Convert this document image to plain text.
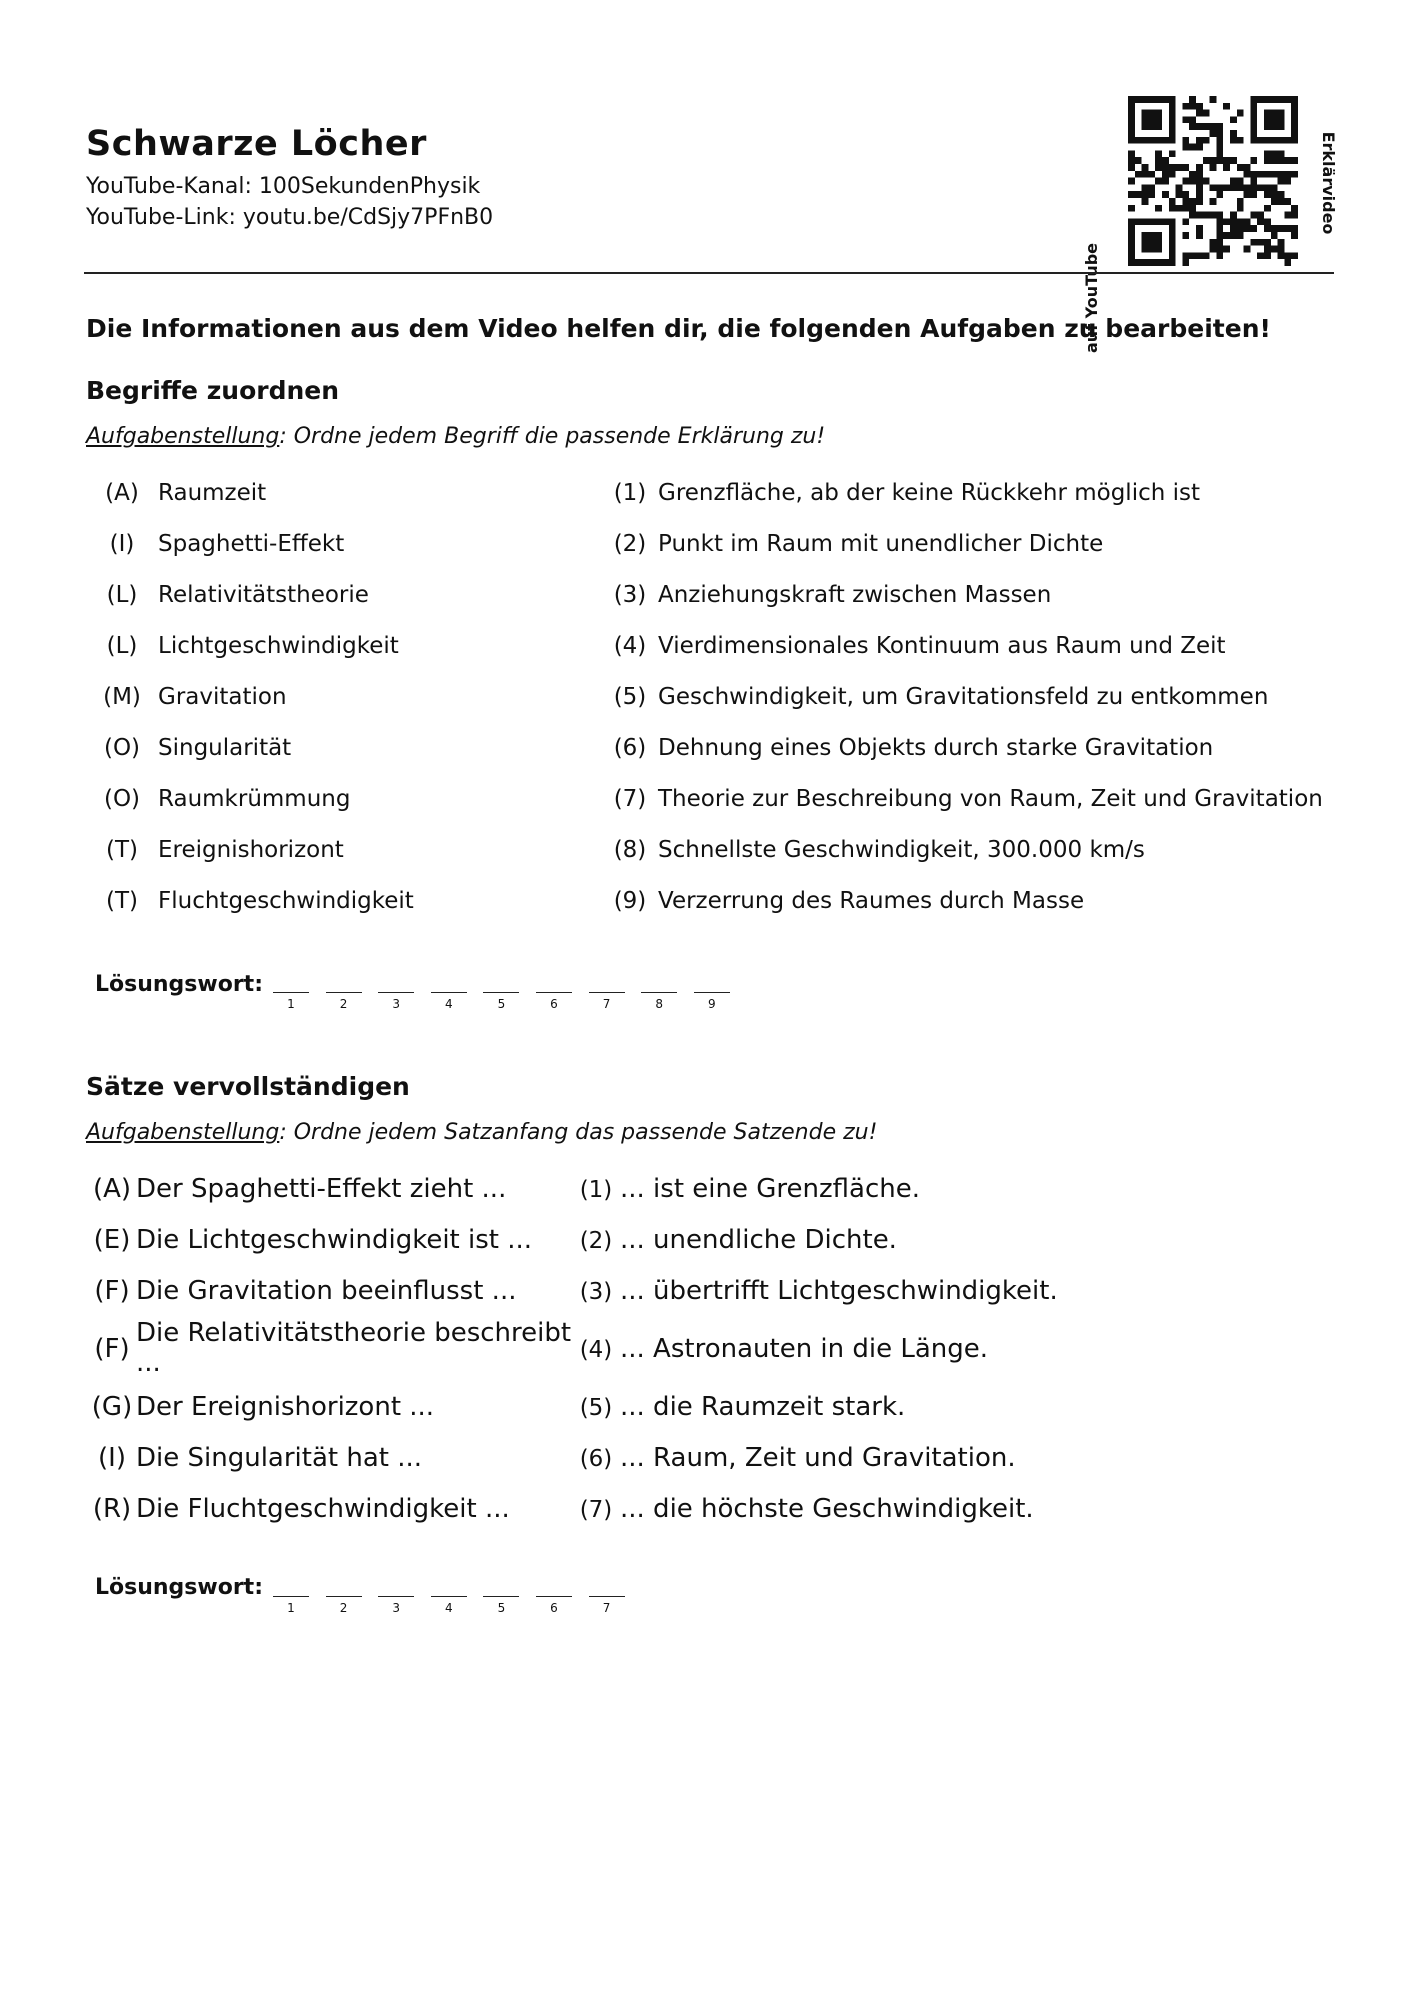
Schwarze Löcher
YouTube-Kanal: 100SekundenPhysik
YouTube-Link: youtu.be/CdSjy7PFnB0
auf YouTube
Erklärvideo
Die Informationen aus dem Video helfen dir, die folgenden Aufgaben zu bearbeiten!
Begriffe zuordnen
Aufgabenstellung: Ordne jedem Begriff die passende Erklärung zu!
(A) Raumzeit	(1) Grenzfläche, ab der keine Rückkehr möglich ist
(I)	Spaghetti-Effekt	(2) Punkt im Raum mit unendlicher Dichte
(L) Relativitätstheorie	(3) Anziehungskraft zwischen Massen
(L) Lichtgeschwindigkeit	(4) Vierdimensionales Kontinuum aus Raum und Zeit
(M) Gravitation	(5) Geschwindigkeit, um Gravitationsfeld zu entkommen
(O) Singularität	(6) Dehnung eines Objekts durch starke Gravitation
(O) Raumkrümmung	(7) Theorie zur Beschreibung von Raum, Zeit und Gravitation
(T) Ereignishorizont	(8) Schnellste Geschwindigkeit, 300.000 km/s
(T) Fluchtgeschwindigkeit	(9) Verzerrung des Raumes durch Masse
Lösungswort:
1	2	3	4	5	6	7	8	9
Sätze vervollständigen
Aufgabenstellung: Ordne jedem Satzanfang das passende Satzende zu!
(A) Der Spaghetti-Effekt zieht ...	(1) ... ist eine Grenzfläche.
(E) Die Lichtgeschwindigkeit ist ... (2) ... unendliche Dichte.
(F) Die Gravitation beeinflusst ...	(3) ... übertrifft Lichtgeschwindigkeit.
(F)
Die Relativitätstheorie beschreibt
...	(4) ... Astronauten in die Länge.
(G) Der Ereignishorizont ...	(5) ... die Raumzeit stark.
(I) Die Singularität hat ...	(6) ... Raum, Zeit und Gravitation.
(R) Die Fluchtgeschwindigkeit ...	(7) ... die höchste Geschwindigkeit.
Lösungswort:
1	2	3	4	5	6	7
